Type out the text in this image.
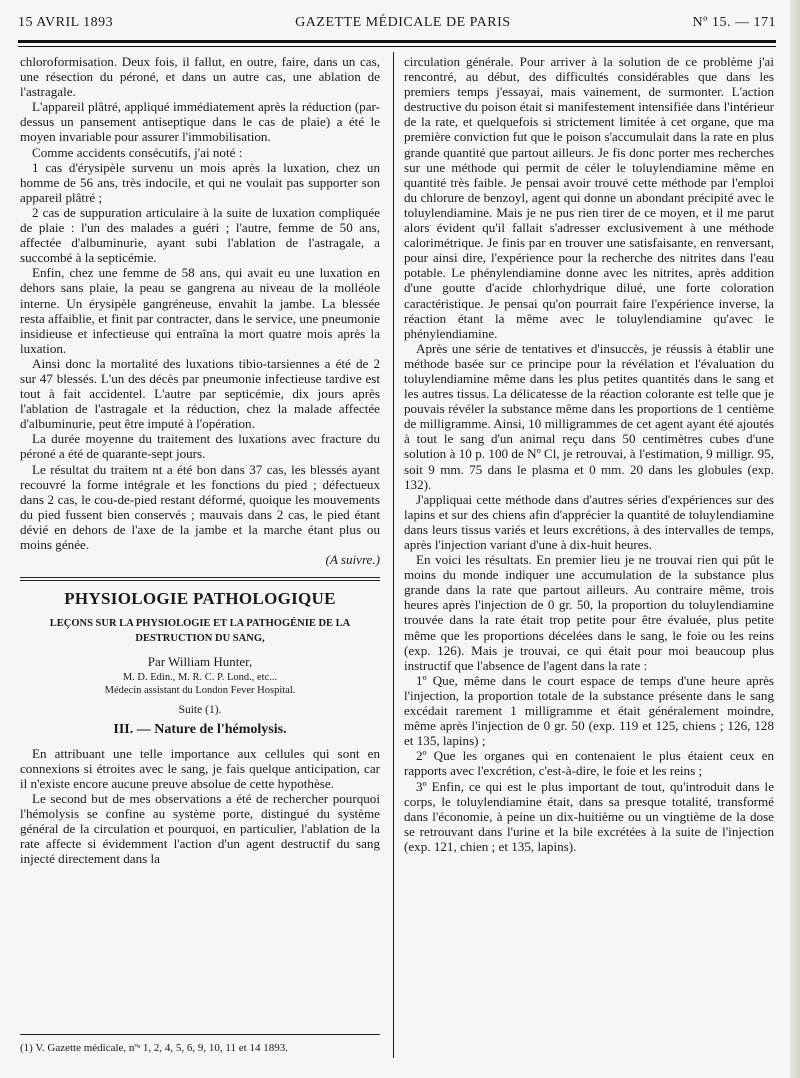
15 AVRIL 1893	GAZETTE MÉDICALE DE PARIS	Nº 15. — 171

chloroformisation. Deux fois, il fallut, en outre, faire, dans un cas, une résection du péroné, et dans un autre cas, une ablation de l'astragale.

L'appareil plâtré, appliqué immédiatement après la réduction (par-dessus un pansement antiseptique dans le cas de plaie) a été le moyen invariable pour assurer l'immobilisation.

Comme accidents consécutifs, j'ai noté :

1 cas d'érysipèle survenu un mois après la luxation, chez un homme de 56 ans, très indocile, et qui ne voulait pas supporter son appareil plâtré ;

2 cas de suppuration articulaire à la suite de luxation compliquée de plaie : l'un des malades a guéri ; l'autre, femme de 50 ans, affectée d'albuminurie, ayant subi l'ablation de l'astragale, a succombé à la septicémie.

Enfin, chez une femme de 58 ans, qui avait eu une luxation en dehors sans plaie, la peau se gangrena au niveau de la molléole interne. Un érysipèle gangréneuse, envahit la jambe. La blessée resta affaiblie, et finit par contracter, dans le service, une pneumonie insidieuse et infectieuse qui entraîna la mort quatre mois après la luxation.

Ainsi donc la mortalité des luxations tibio-tarsiennes a été de 2 sur 47 blessés. L'un des décès par pneumonie infectieuse tardive est tout à fait accidentel. L'autre par septicémie, dix jours après l'ablation de l'astragale et la réduction, chez la malade affectée d'albuminurie, peut être imputé à l'opération.

La durée moyenne du traitement des luxations avec fracture du péroné a été de quarante-sept jours.

Le résultat du traitem nt a été bon dans 37 cas, les blessés ayant recouvré la forme intégrale et les fonctions du pied ; défectueux dans 2 cas, le cou-de-pied restant déformé, quoique les mouvements du pied fussent bien conservés ; mauvais dans 2 cas, le pied étant dévié en dehors de l'axe de la jambe et la marche étant plus ou moins génée.

(A suivre.)

PHYSIOLOGIE PATHOLOGIQUE
LEÇONS SUR LA PHYSIOLOGIE ET LA PATHOGÉNIE DE LA
DESTRUCTION DU SANG,
Par William Hunter,
M. D. Edin., M. R. C. P. Lond., etc...
Médecin assistant du London Fever Hospital.
Suite (1).
III. — Nature de l'hémolysis.

En attribuant une telle importance aux cellules qui sont en connexions si étroites avec le sang, je fais quelque anticipation, car il n'existe encore aucune preuve absolue de cette hypothèse.

Le second but de mes observations a été de rechercher pourquoi l'hémolysis se confine au système porte, distingué du système général de la circulation et pourquoi, en particulier, l'ablation de la rate affecte si évidemment l'action d'un agent destructif du sang injecté directement dans la

(1) V. Gazette médicale, nºˢ 1, 2, 4, 5, 6, 9, 10, 11 et 14 1893.

circulation générale. Pour arriver à la solution de ce problème j'ai rencontré, au début, des difficultés considérables que dans les premiers temps j'essayai, mais vainement, de surmonter. L'action destructive du poison était si manifestement intensifiée dans l'intérieur de la rate, et quelquefois si strictement limitée à cet organe, que ma première conviction fut que le poison s'accumulait dans la rate en plus grande quantité que partout ailleurs. Je fis donc porter mes recherches sur une méthode qui permit de céler le toluylendiamine même en quantité très faible. Je pensai avoir trouvé cette méthode par l'emploi du chlorure de benzoyl, agent qui donne un abondant précipité avec le toluylendiamine. Mais je ne pus rien tirer de ce moyen, et il me parut alors évident qu'il fallait s'adresser exclusivement à une méthode calorimétrique. Je finis par en trouver une satisfaisante, en renversant, pour ainsi dire, l'expérience pour la recherche des nitrites dans l'eau potable. Le phénylendiamine donne avec les nitrites, après addition d'une goutte d'acide chlorhydrique dilué, une forte coloration caractéristique. Je pensai qu'on pourrait faire l'expérience inverse, la réaction étant la même avec le toluylendiamine qu'avec le phénylendiamine.

Après une série de tentatives et d'insuccès, je réussis à établir une méthode basée sur ce principe pour la révélation et l'évaluation du toluylendiamine même dans les plus petites quantités dans le sang et les autres tissus. La délicatesse de la réaction colorante est telle que je pouvais révéler la substance même dans les proportions de 1 centième de milligramme. Ainsi, 10 milligrammes de cet agent ayant été ajoutés à tout le sang d'un animal reçu dans 50 centimètres cubes d'une solution à 10 p. 100 de Nº Cl, je retrouvai, à l'estimation, 9 milligr. 95, soit 9 mm. 75 dans le plasma et 0 mm. 20 dans les globules (exp. 132).

J'appliquai cette méthode dans d'autres séries d'expériences sur des lapins et sur des chiens afin d'apprécier la quantité de toluylendiamine dans leurs tissus variés et leurs excrétions, à des intervalles de temps, après l'injection variant d'une à dix-huit heures.

En voici les résultats. En premier lieu je ne trouvai rien qui pût le moins du monde indiquer une accumulation de la substance plus grande dans la rate que partout ailleurs. Au contraire même, trois heures après l'injection de 0 gr. 50, la proportion du toluylendiamine trouvée dans la rate était trop petite pour être évaluée, plus petite même que les proportions décelées dans le sang, le foie ou les reins (exp. 126). Mais je trouvai, ce qui était pour moi beaucoup plus instructif que l'absence de l'agent dans la rate :

1º Que, même dans le court espace de temps d'une heure après l'injection, la proportion totale de la substance présente dans le sang excédait rarement 1 milligramme et était généralement moindre, même après l'injection de 0 gr. 50 (exp. 119 et 125, chiens ; 126, 128 et 135, lapins) ;

2º Que les organes qui en contenaient le plus étaient ceux en rapports avec l'excrétion, c'est-à-dire, le foie et les reins ;

3º Enfin, ce qui est le plus important de tout, qu'introduit dans le corps, le toluylendiamine était, dans sa presque totalité, transformé dans l'économie, à peine un dix-huitième ou un vingtième de la dose se retrouvant dans l'urine et la bile excrétées à la suite de l'injection (exp. 121, chien ; et 135, lapins).
